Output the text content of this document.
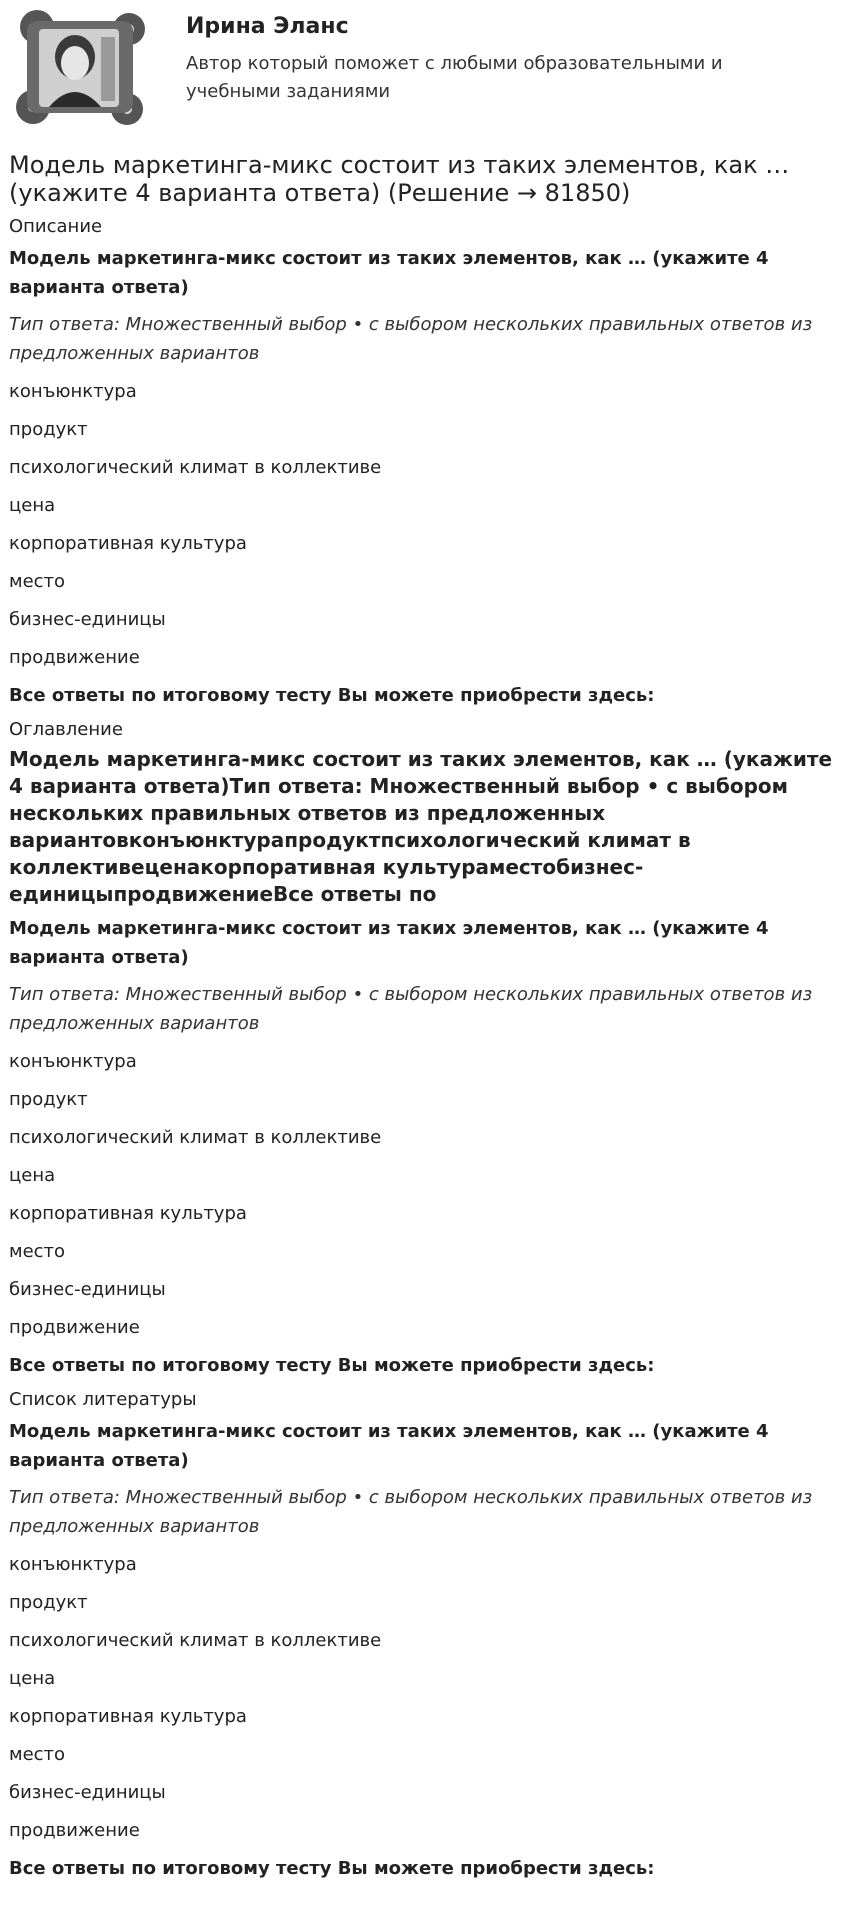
Ирина Эланс
Автор который поможет с любыми образовательными и учебными заданиями
Модель маркетинга-микс состоит из таких элементов, как … (укажите 4 варианта ответа) (Решение → 81850)
Описание
Модель маркетинга-микс состоит из таких элементов, как … (укажите 4 варианта ответа)
Тип ответа: Множественный выбор • с выбором нескольких правильных ответов из предложенных вариантов
конъюнктура
продукт
психологический климат в коллективе
цена
корпоративная культура
место
бизнес-единицы
продвижение
Все ответы по итоговому тесту Вы можете приобрести здесь:
Оглавление
Модель маркетинга-микс состоит из таких элементов, как … (укажите 4 варианта ответа)Тип ответа: Множественный выбор • с выбором нескольких правильных ответов из предложенных вариантовконъюнктурапродуктпсихологический климат в коллективеценакорпоративная культураместобизнес-единицыпродвижениеВсе ответы по
Модель маркетинга-микс состоит из таких элементов, как … (укажите 4 варианта ответа)
Тип ответа: Множественный выбор • с выбором нескольких правильных ответов из предложенных вариантов
конъюнктура
продукт
психологический климат в коллективе
цена
корпоративная культура
место
бизнес-единицы
продвижение
Все ответы по итоговому тесту Вы можете приобрести здесь:
Список литературы
Модель маркетинга-микс состоит из таких элементов, как … (укажите 4 варианта ответа)
Тип ответа: Множественный выбор • с выбором нескольких правильных ответов из предложенных вариантов
конъюнктура
продукт
психологический климат в коллективе
цена
корпоративная культура
место
бизнес-единицы
продвижение
Все ответы по итоговому тесту Вы можете приобрести здесь:
